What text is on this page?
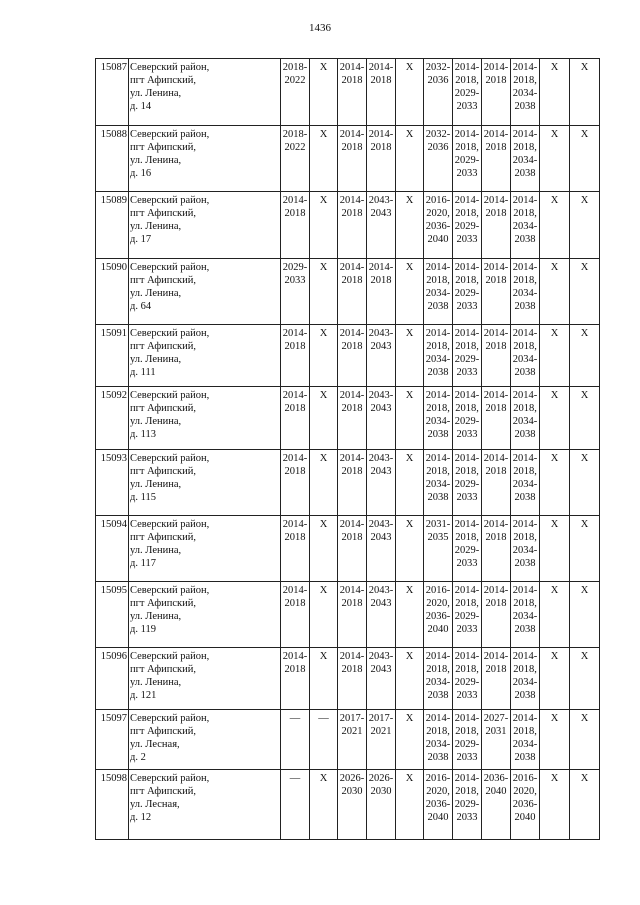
1436
15087	Северский район,
пгт Афипский,
ул. Ленина,
д. 14	2018-
2022	X	2014-
2018	2014-
2018	X	2032-
2036	2014-
2018,
2029-
2033	2014-
2018	2014-
2018,
2034-
2038	X	X

15088	Северский район,
пгт Афипский,
ул. Ленина,
д. 16	2018-
2022	X	2014-
2018	2014-
2018	X	2032-
2036	2014-
2018,
2029-
2033	2014-
2018	2014-
2018,
2034-
2038	X	X

15089	Северский район,
пгт Афипский,
ул. Ленина,
д. 17	2014-
2018	X	2014-
2018	2043-
2043	X	2016-
2020,
2036-
2040	2014-
2018,
2029-
2033	2014-
2018	2014-
2018,
2034-
2038	X	X

15090	Северский район,
пгт Афипский,
ул. Ленина,
д. 64	2029-
2033	X	2014-
2018	2014-
2018	X	2014-
2018,
2034-
2038	2014-
2018,
2029-
2033	2014-
2018	2014-
2018,
2034-
2038	X	X

15091	Северский район,
пгт Афипский,
ул. Ленина,
д. 111	2014-
2018	X	2014-
2018	2043-
2043	X	2014-
2018,
2034-
2038	2014-
2018,
2029-
2033	2014-
2018	2014-
2018,
2034-
2038	X	X

15092	Северский район,
пгт Афипский,
ул. Ленина,
д. 113	2014-
2018	X	2014-
2018	2043-
2043	X	2014-
2018,
2034-
2038	2014-
2018,
2029-
2033	2014-
2018	2014-
2018,
2034-
2038	X	X

15093	Северский район,
пгт Афипский,
ул. Ленина,
д. 115	2014-
2018	X	2014-
2018	2043-
2043	X	2014-
2018,
2034-
2038	2014-
2018,
2029-
2033	2014-
2018	2014-
2018,
2034-
2038	X	X

15094	Северский район,
пгт Афипский,
ул. Ленина,
д. 117	2014-
2018	X	2014-
2018	2043-
2043	X	2031-
2035	2014-
2018,
2029-
2033	2014-
2018	2014-
2018,
2034-
2038	X	X

15095	Северский район,
пгт Афипский,
ул. Ленина,
д. 119	2014-
2018	X	2014-
2018	2043-
2043	X	2016-
2020,
2036-
2040	2014-
2018,
2029-
2033	2014-
2018	2014-
2018,
2034-
2038	X	X

15096	Северский район,
пгт Афипский,
ул. Ленина,
д. 121	2014-
2018	X	2014-
2018	2043-
2043	X	2014-
2018,
2034-
2038	2014-
2018,
2029-
2033	2014-
2018	2014-
2018,
2034-
2038	X	X

15097	Северский район,
пгт Афипский,
ул. Лесная,
д. 2	—	—	2017-
2021	2017-
2021	X	2014-
2018,
2034-
2038	2014-
2018,
2029-
2033	2027-
2031	2014-
2018,
2034-
2038	X	X

15098	Северский район,
пгт Афипский,
ул. Лесная,
д. 12	—	X	2026-
2030	2026-
2030	X	2016-
2020,
2036-
2040	2014-
2018,
2029-
2033	2036-
2040	2016-
2020,
2036-
2040	X	X
